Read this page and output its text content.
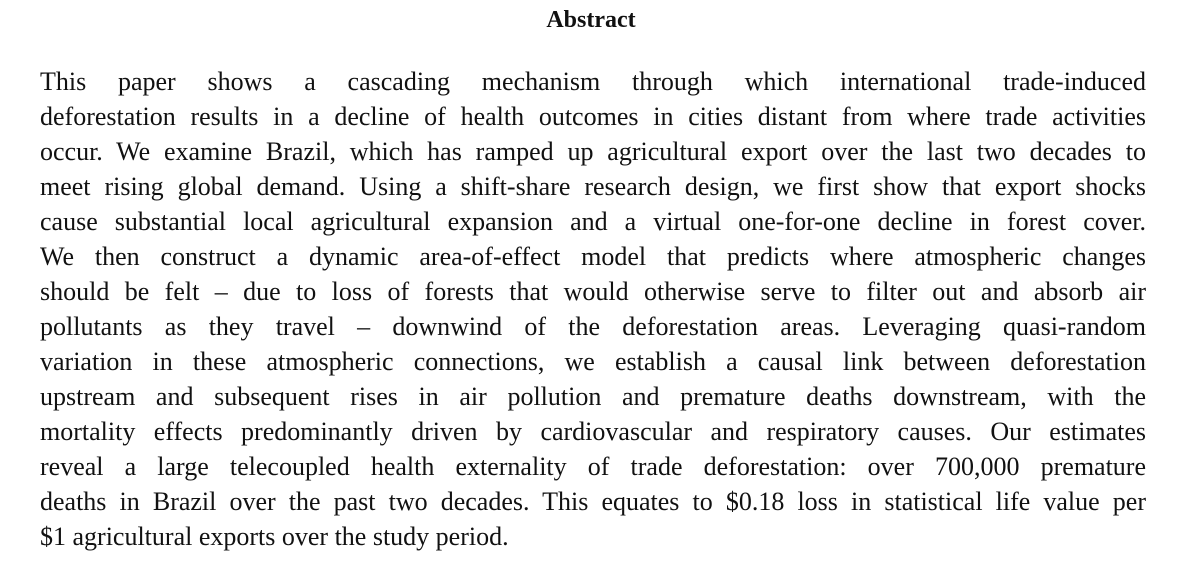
Abstract
This paper shows a cascading mechanism through which international trade-induced
deforestation results in a decline of health outcomes in cities distant from where trade activities
occur. We examine Brazil, which has ramped up agricultural export over the last two decades to
meet rising global demand. Using a shift-share research design, we first show that export shocks
cause substantial local agricultural expansion and a virtual one-for-one decline in forest cover.
We then construct a dynamic area-of-effect model that predicts where atmospheric changes
should be felt – due to loss of forests that would otherwise serve to filter out and absorb air
pollutants as they travel – downwind of the deforestation areas. Leveraging quasi-random
variation in these atmospheric connections, we establish a causal link between deforestation
upstream and subsequent rises in air pollution and premature deaths downstream, with the
mortality effects predominantly driven by cardiovascular and respiratory causes. Our estimates
reveal a large telecoupled health externality of trade deforestation: over 700,000 premature
deaths in Brazil over the past two decades. This equates to $0.18 loss in statistical life value per
$1 agricultural exports over the study period.
